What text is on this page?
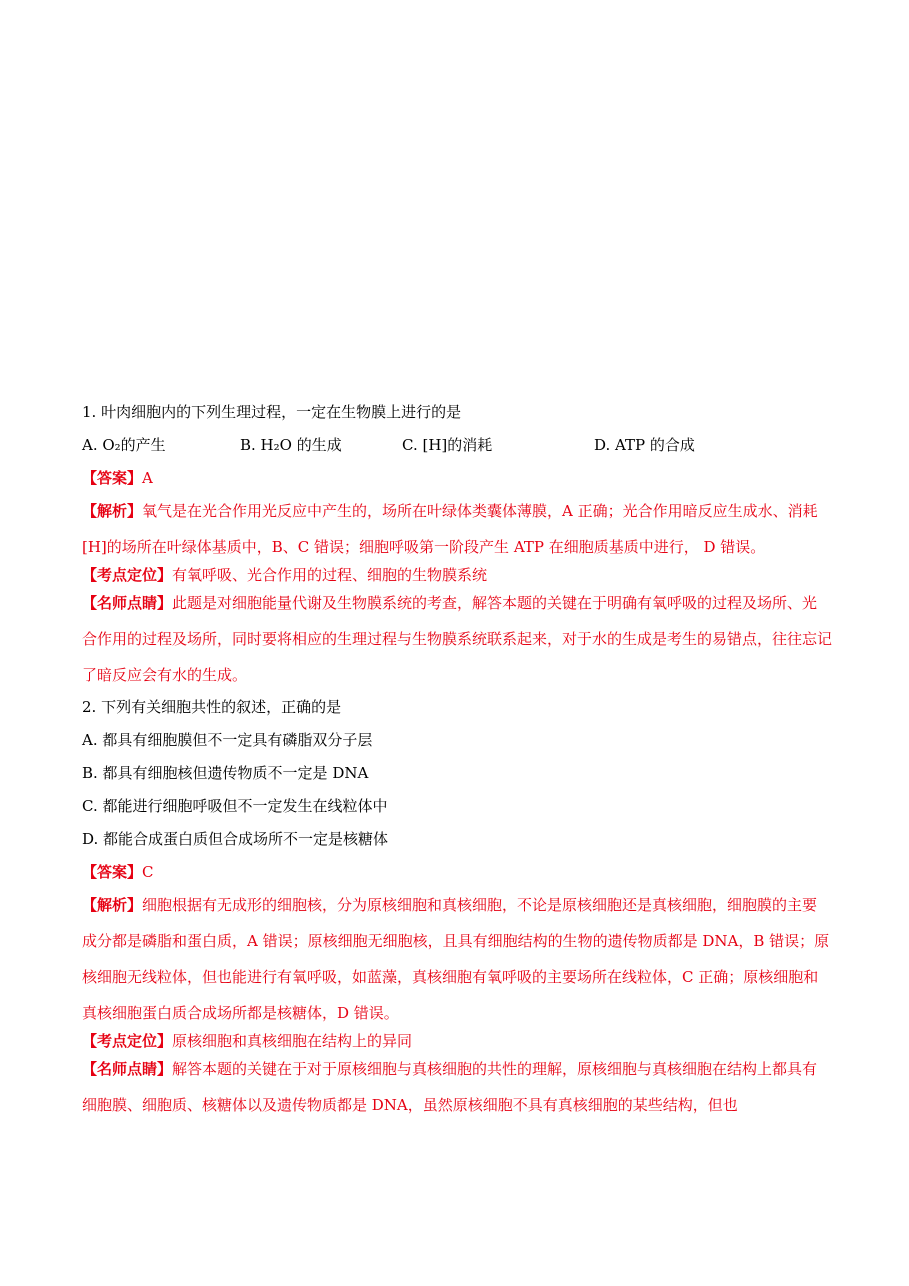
1. 叶肉细胞内的下列生理过程，一定在生物膜上进行的是
A. O₂的产生	B. H₂O 的生成	C. [H]的消耗	D. ATP 的合成
【答案】A
【解析】氧气是在光合作用光反应中产生的，场所在叶绿体类囊体薄膜，A 正确；光合作用暗反应生成水、消耗[H]的场所在叶绿体基质中，B、C 错误；细胞呼吸第一阶段产生 ATP 在细胞质基质中进行， D 错误。
【考点定位】有氧呼吸、光合作用的过程、细胞的生物膜系统
【名师点睛】此题是对细胞能量代谢及生物膜系统的考查，解答本题的关键在于明确有氧呼吸的过程及场所、光合作用的过程及场所，同时要将相应的生理过程与生物膜系统联系起来，对于水的生成是考生的易错点，往往忘记了暗反应会有水的生成。
2. 下列有关细胞共性的叙述，正确的是
A. 都具有细胞膜但不一定具有磷脂双分子层
B. 都具有细胞核但遗传物质不一定是 DNA
C. 都能进行细胞呼吸但不一定发生在线粒体中
D. 都能合成蛋白质但合成场所不一定是核糖体
【答案】C
【解析】细胞根据有无成形的细胞核，分为原核细胞和真核细胞，不论是原核细胞还是真核细胞，细胞膜的主要成分都是磷脂和蛋白质，A 错误；原核细胞无细胞核，且具有细胞结构的生物的遗传物质都是 DNA，B 错误；原核细胞无线粒体，但也能进行有氧呼吸，如蓝藻，真核细胞有氧呼吸的主要场所在线粒体，C 正确；原核细胞和真核细胞蛋白质合成场所都是核糖体，D 错误。
【考点定位】原核细胞和真核细胞在结构上的异同
【名师点睛】解答本题的关键在于对于原核细胞与真核细胞的共性的理解，原核细胞与真核细胞在结构上都具有细胞膜、细胞质、核糖体以及遗传物质都是 DNA，虽然原核细胞不具有真核细胞的某些结构，但也
